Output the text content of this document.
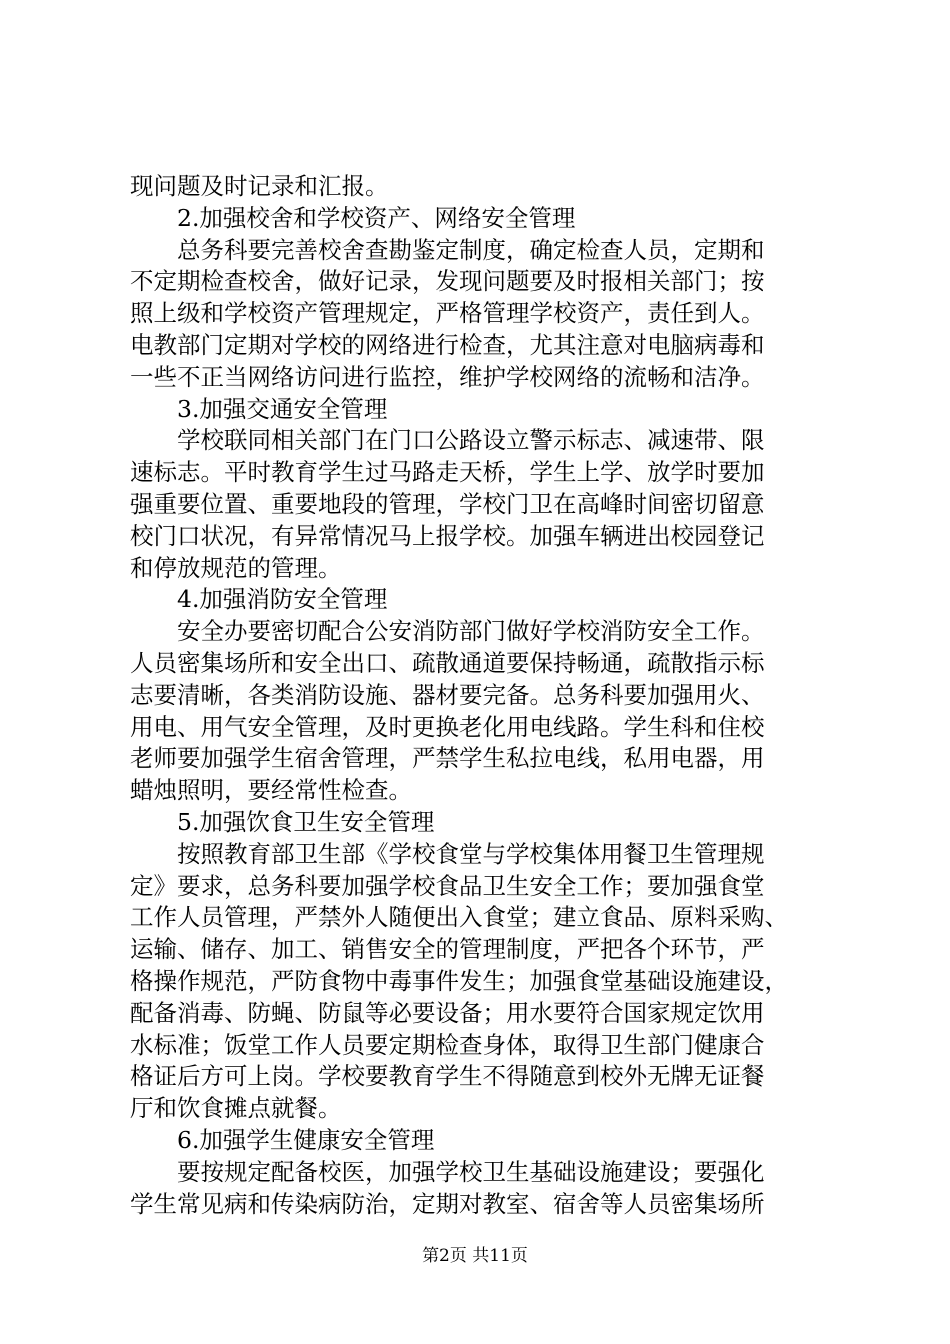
现问题及时记录和汇报。
2.加强校舍和学校资产、网络安全管理
总务科要完善校舍查勘鉴定制度，确定检查人员，定期和
不定期检查校舍，做好记录，发现问题要及时报相关部门；按
照上级和学校资产管理规定，严格管理学校资产，责任到人。
电教部门定期对学校的网络进行检查，尤其注意对电脑病毒和
一些不正当网络访问进行监控，维护学校网络的流畅和洁净。
3.加强交通安全管理
学校联同相关部门在门口公路设立警示标志、减速带、限
速标志。平时教育学生过马路走天桥，学生上学、放学时要加
强重要位置、重要地段的管理，学校门卫在高峰时间密切留意
校门口状况，有异常情况马上报学校。加强车辆进出校园登记
和停放规范的管理。
4.加强消防安全管理
安全办要密切配合公安消防部门做好学校消防安全工作。
人员密集场所和安全出口、疏散通道要保持畅通，疏散指示标
志要清晰，各类消防设施、器材要完备。总务科要加强用火、
用电、用气安全管理，及时更换老化用电线路。学生科和住校
老师要加强学生宿舍管理，严禁学生私拉电线，私用电器，用
蜡烛照明，要经常性检查。
5.加强饮食卫生安全管理
按照教育部卫生部《学校食堂与学校集体用餐卫生管理规
定》要求，总务科要加强学校食品卫生安全工作；要加强食堂
工作人员管理，严禁外人随便出入食堂；建立食品、原料采购、
运输、储存、加工、销售安全的管理制度，严把各个环节，严
格操作规范，严防食物中毒事件发生；加强食堂基础设施建设，
配备消毒、防蝇、防鼠等必要设备；用水要符合国家规定饮用
水标准；饭堂工作人员要定期检查身体，取得卫生部门健康合
格证后方可上岗。学校要教育学生不得随意到校外无牌无证餐
厅和饮食摊点就餐。
6.加强学生健康安全管理
要按规定配备校医，加强学校卫生基础设施建设；要强化
学生常见病和传染病防治，定期对教室、宿舍等人员密集场所
第2页 共11页
